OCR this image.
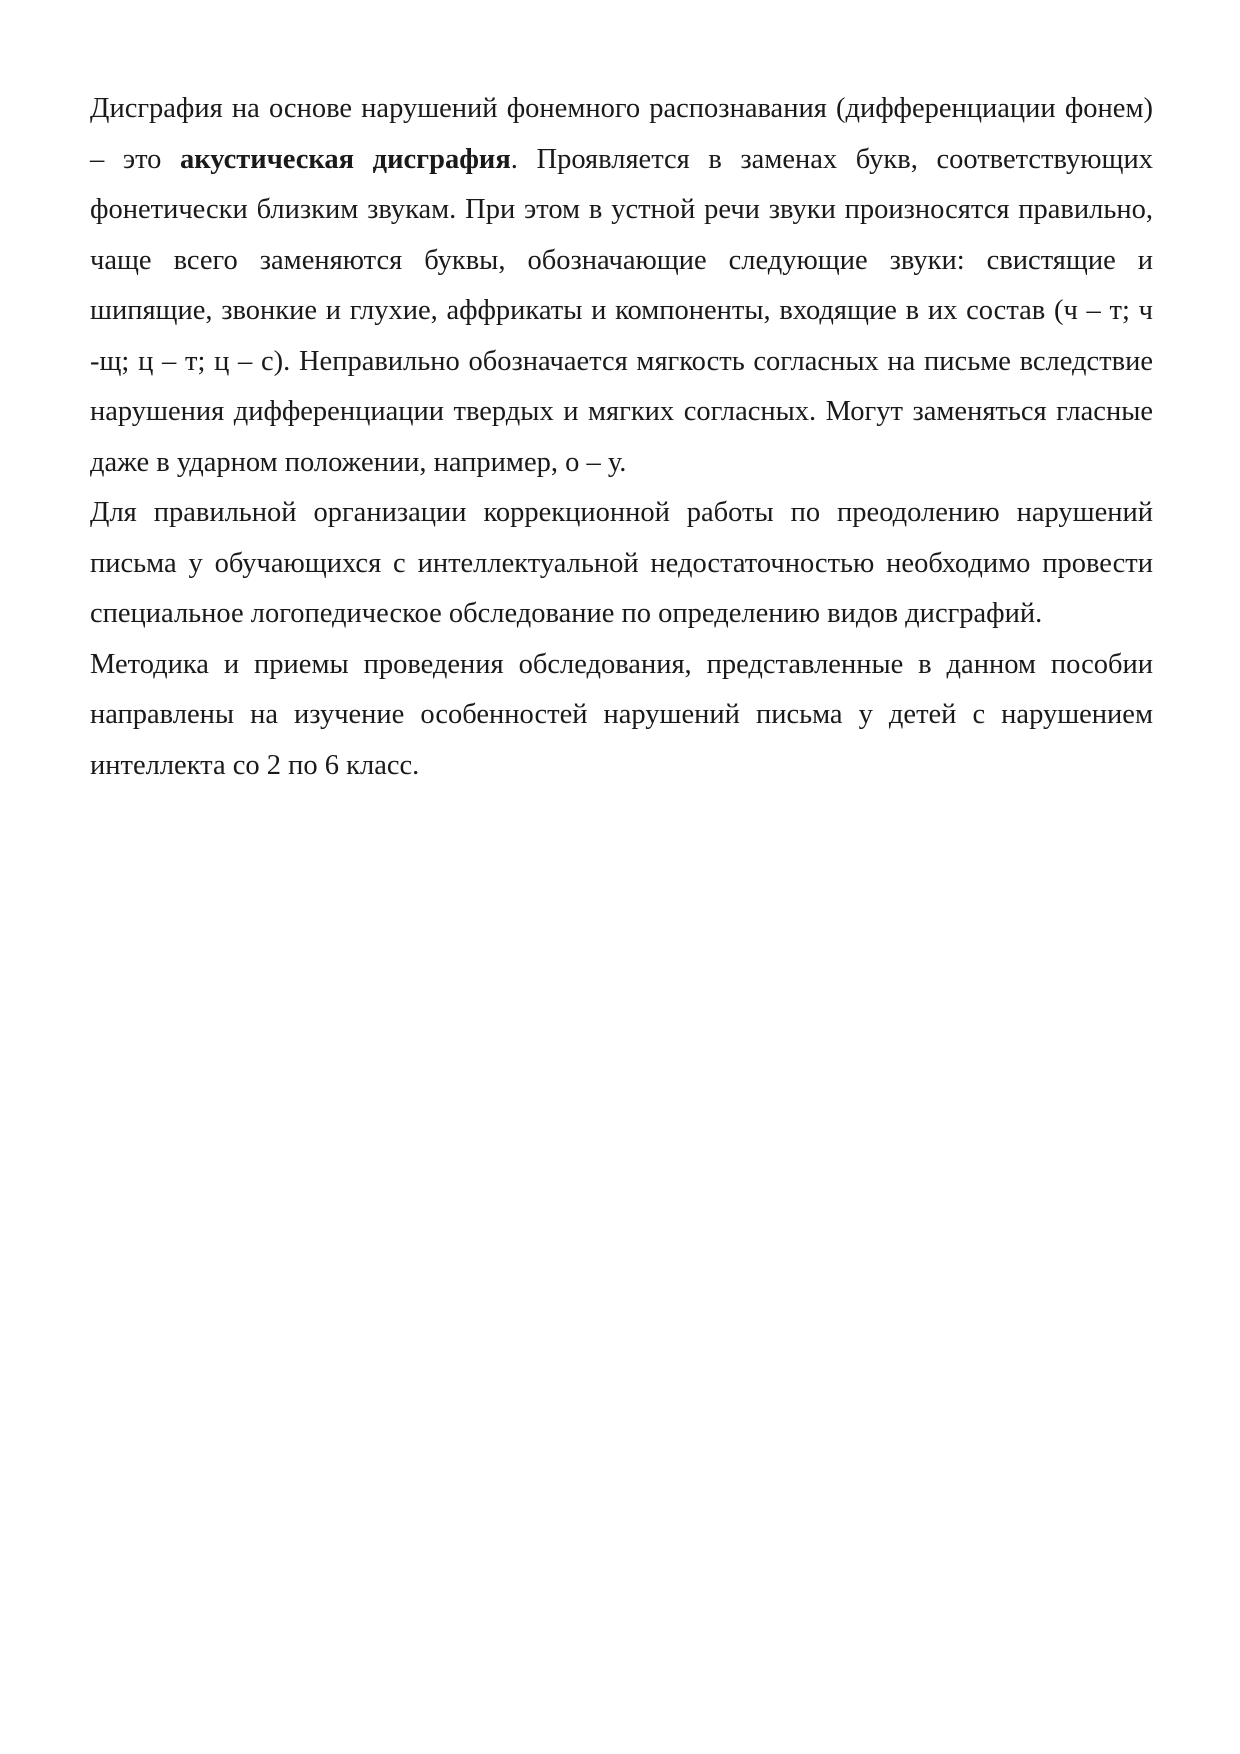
Дисграфия на основе нарушений фонемного распознавания (дифференциации фонем) – это акустическая дисграфия. Проявляется в заменах букв, соответствующих фонетически близким звукам. При этом в устной речи звуки произносятся правильно, чаще всего заменяются буквы, обозначающие следующие звуки: свистящие и шипящие, звонкие и глухие, аффрикаты и компоненты, входящие в их состав (ч – т; ч -щ; ц – т; ц – с). Неправильно обозначается мягкость согласных на письме вследствие нарушения дифференциации твердых и мягких согласных. Могут заменяться гласные даже в ударном положении, например, о – у.

Для правильной организации коррекционной работы по преодолению нарушений письма у обучающихся с интеллектуальной недостаточностью необходимо провести специальное логопедическое обследование по определению видов дисграфий.

Методика и приемы проведения обследования, представленные в данном пособии направлены на изучение особенностей нарушений письма у детей с нарушением интеллекта со 2 по 6 класс.
